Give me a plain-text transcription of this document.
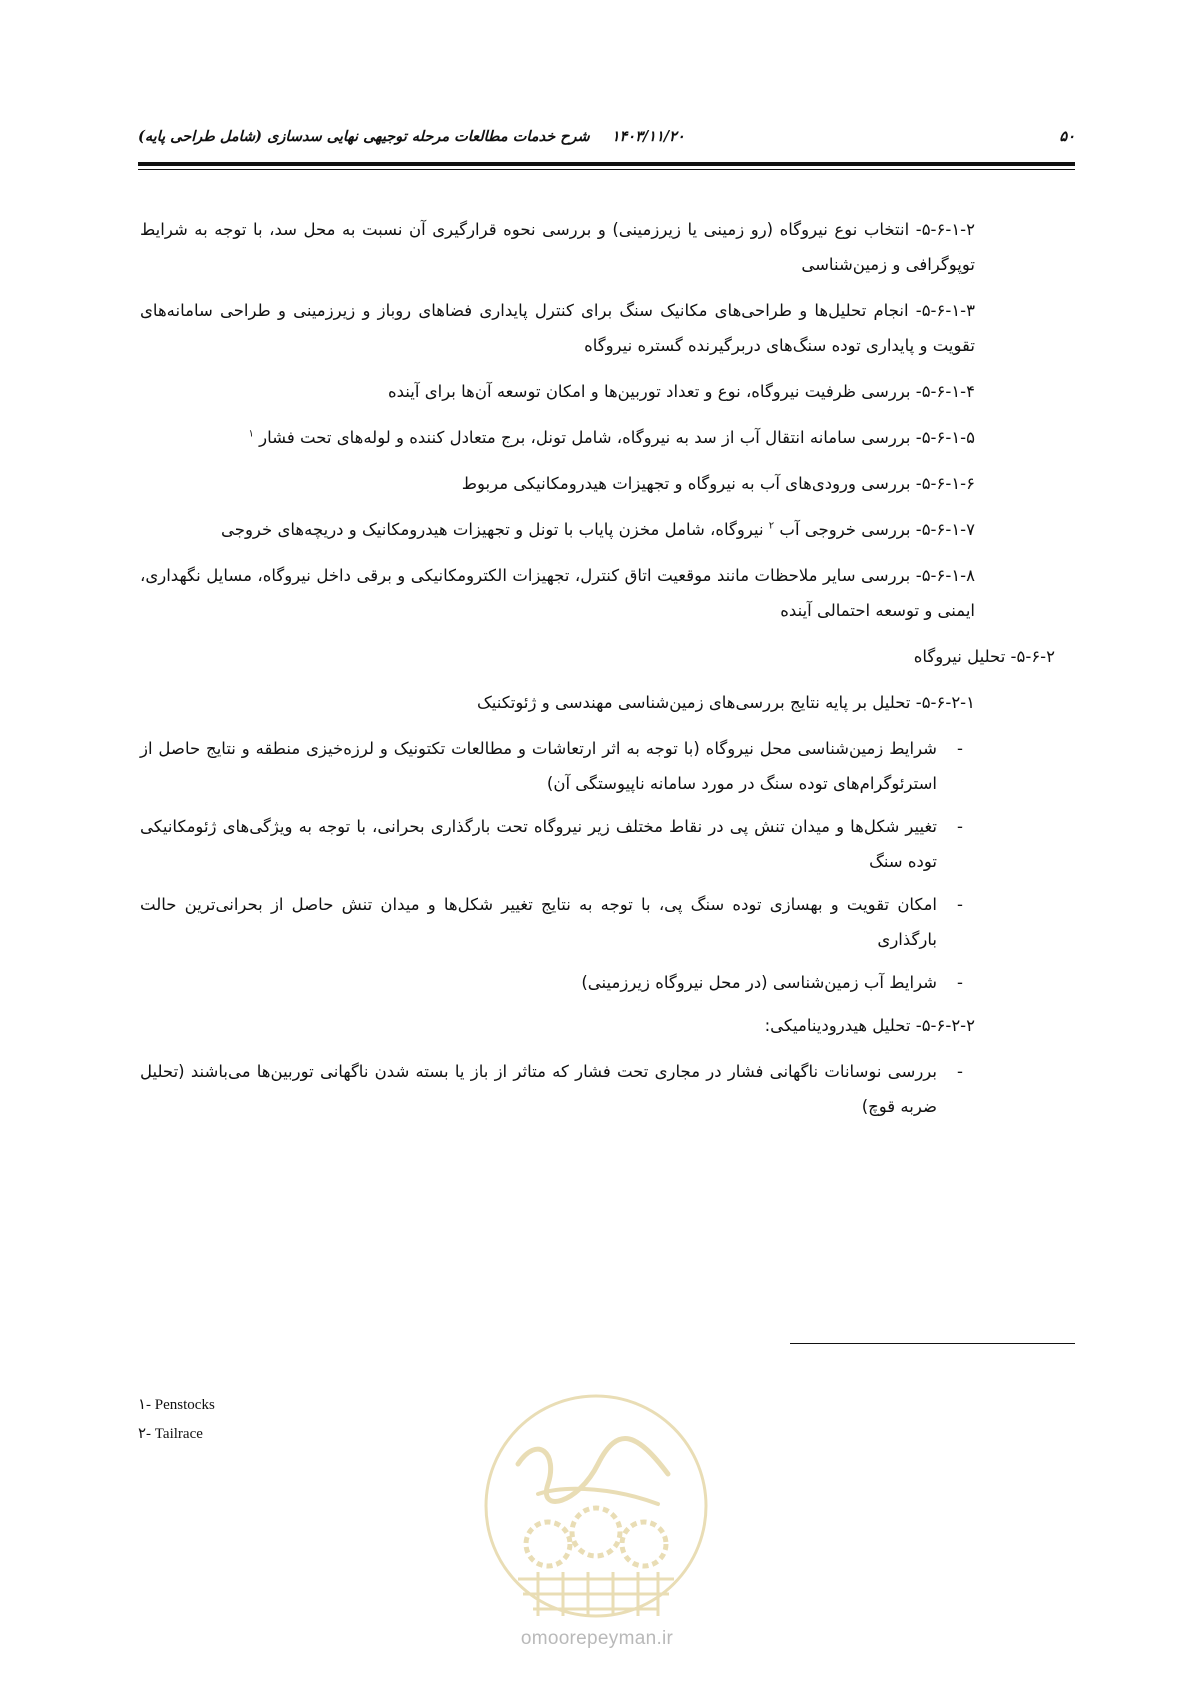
۵۰
۱۴۰۳/۱۱/۲۰شرح خدمات مطالعات مرحله توجیهی نهایی سدسازی (شامل طراحی پایه)

۵-۶-۱-۲- انتخاب نوع نیروگاه (رو زمینی یا زیرزمینی) و بررسی نحوه قرارگیری آن نسبت به محل سد، با توجه به شرایط توپوگرافی و زمین‌شناسی

۵-۶-۱-۳- انجام تحلیل‌ها و طراحی‌های مکانیک سنگ برای کنترل پایداری فضاهای روباز و زیرزمینی و طراحی سامانه‌های تقویت و پایداری توده سنگ‌های دربرگیرنده گستره نیروگاه

۵-۶-۱-۴- بررسی ظرفیت نیروگاه، نوع و تعداد توربین‌ها و امکان توسعه آن‌ها برای آینده

۵-۶-۱-۵- بررسی سامانه انتقال آب از سد به نیروگاه، شامل تونل، برج متعادل کننده و لوله‌های تحت فشار $^۱$

۵-۶-۱-۶- بررسی ورودی‌های آب به نیروگاه و تجهیزات هیدرومکانیکی مربوط

۵-۶-۱-۷- بررسی خروجی آب $^۲$ نیروگاه، شامل مخزن پایاب با تونل و تجهیزات هیدرومکانیک و دریچه‌های خروجی

۵-۶-۱-۸- بررسی سایر ملاحظات مانند موقعیت اتاق کنترل، تجهیزات الکترومکانیکی و برقی داخل نیروگاه، مسایل نگهداری، ایمنی و توسعه احتمالی آینده

۵-۶-۲- تحلیل نیروگاه

۵-۶-۲-۱- تحلیل بر پایه نتایج بررسی‌های زمین‌شناسی مهندسی و ژئوتکنیک

-
شرایط زمین‌شناسی محل نیروگاه (با توجه به اثر ارتعاشات و مطالعات تکتونیک و لرزه‌خیزی منطقه و نتایج حاصل از استرئوگرام‌های توده سنگ در مورد سامانه ناپیوستگی آن)
-
تغییر شکل‌ها و میدان تنش پی در نقاط مختلف زیر نیروگاه تحت بارگذاری بحرانی، با توجه به ویژگی‌های ژئومکانیکی توده سنگ
-
امکان تقویت و بهسازی توده سنگ پی، با توجه به نتایج تغییر شکل‌ها و میدان تنش حاصل از بحرانی‌ترین حالت بارگذاری
-
شرایط آب زمین‌شناسی (در محل نیروگاه زیرزمینی)

۵-۶-۲-۲- تحلیل هیدرودینامیکی:

-
بررسی نوسانات ناگهانی فشار در مجاری تحت فشار که متاثر از باز یا بسته شدن ناگهانی توربین‌ها می‌باشند (تحلیل ضربه قوچ)
۱- Penstocks
۲- Tailrace
omoorepeyman.ir
